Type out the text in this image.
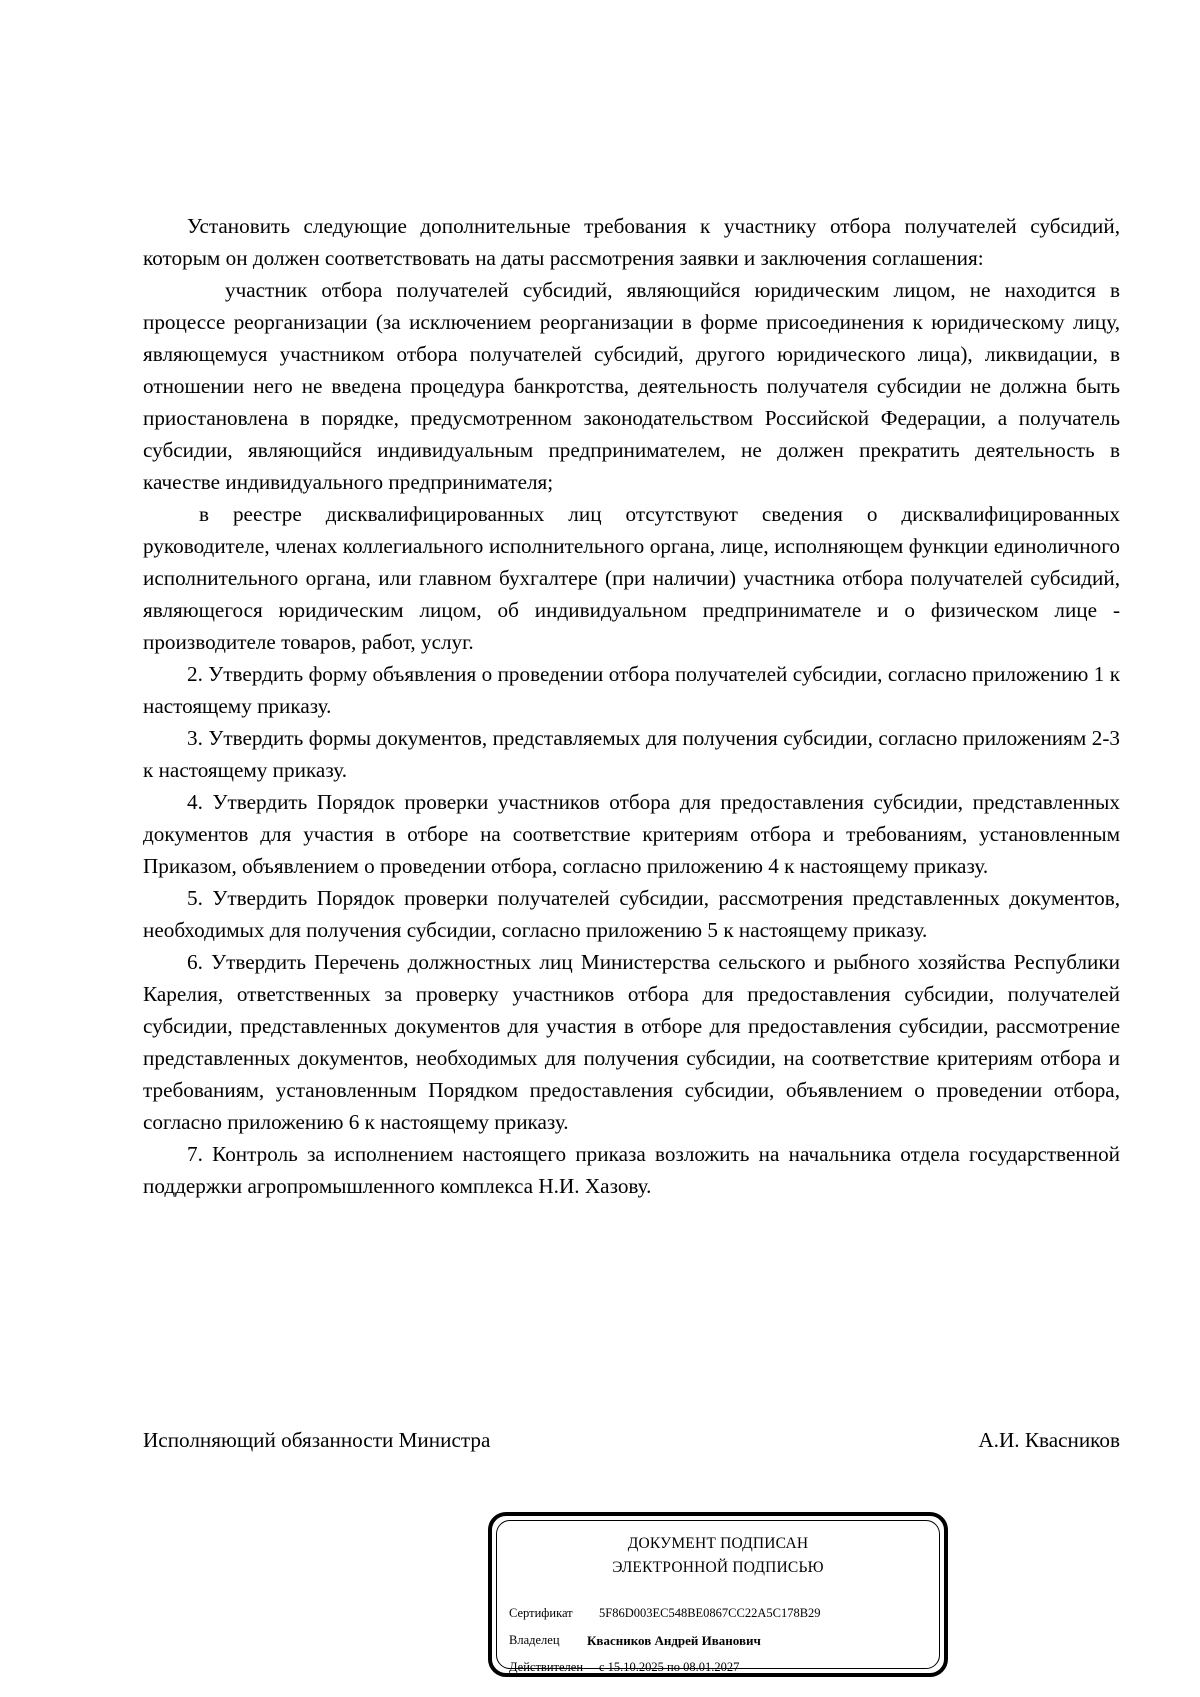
Установить следующие дополнительные требования к участнику отбора получателей субсидий, которым он должен соответствовать на даты рассмотрения заявки и заключения соглашения:

участник отбора получателей субсидий, являющийся юридическим лицом, не находится в процессе реорганизации (за исключением реорганизации в форме присоединения к юридическому лицу, являющемуся участником отбора получателей субсидий, другого юридического лица), ликвидации, в отношении него не введена процедура банкротства, деятельность получателя субсидии не должна быть приостановлена в порядке, предусмотренном законодательством Российской Федерации, а получатель субсидии, являющийся индивидуальным предпринимателем, не должен прекратить деятельность в качестве индивидуального предпринимателя;

в реестре дисквалифицированных лиц отсутствуют сведения о дисквалифицированных руководителе, членах коллегиального исполнительного органа, лице, исполняющем функции единоличного исполнительного органа, или главном бухгалтере (при наличии) участника отбора получателей субсидий, являющегося юридическим лицом, об индивидуальном предпринимателе и о физическом лице - производителе товаров, работ, услуг.

2. Утвердить форму объявления о проведении отбора получателей субсидии, согласно приложению 1 к настоящему приказу.

3. Утвердить формы документов, представляемых для получения субсидии, согласно приложениям 2-3 к настоящему приказу.

4. Утвердить Порядок проверки участников отбора для предоставления субсидии, представленных документов для участия в отборе на соответствие критериям отбора и требованиям, установленным Приказом, объявлением о проведении отбора, согласно приложению 4 к настоящему приказу.

5. Утвердить Порядок проверки получателей субсидии, рассмотрения представленных документов, необходимых для получения субсидии, согласно приложению 5 к настоящему приказу.

6. Утвердить Перечень должностных лиц Министерства сельского и рыбного хозяйства Республики Карелия, ответственных за проверку участников отбора для предоставления субсидии, получателей субсидии, представленных документов для участия в отборе для предоставления субсидии, рассмотрение представленных документов, необходимых для получения субсидии, на соответствие критериям отбора и требованиям, установленным Порядком предоставления субсидии, объявлением о проведении отбора, согласно приложению 6 к настоящему приказу.

7. Контроль за исполнением настоящего приказа возложить на начальника отдела государственной поддержки агропромышленного комплекса Н.И. Хазову.

Исполняющий обязанности Министра	А.И. Квасников
ДОКУМЕНТ ПОДПИСАН
ЭЛЕКТРОННОЙ ПОДПИСЬЮ
Сертификат	5F86D003EC548BE0867CC22A5C178B29
Владелец	Квасников Андрей Иванович
Действителен	с 15.10.2025 по 08.01.2027
